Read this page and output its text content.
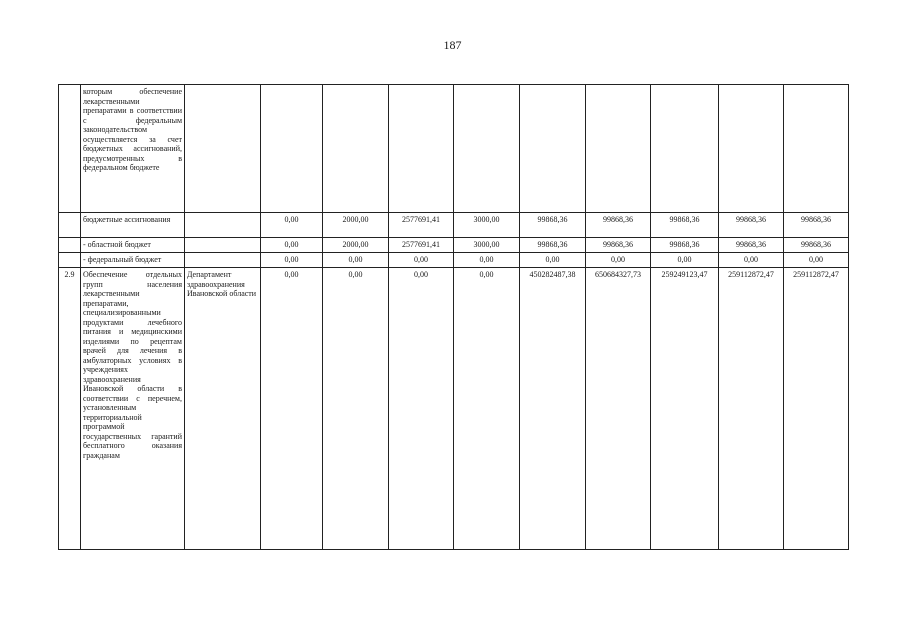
187
	которым обеспечение лекарственными препаратами в соответствии с федеральным законодательством осуществляется за счет бюджетных ассигнований, предусмотренных в федеральном бюджете										
	бюджетные ассигнования		0,00	2000,00	2577691,41	3000,00	99868,36	99868,36	99868,36	99868,36	99868,36
	- областной бюджет		0,00	2000,00	2577691,41	3000,00	99868,36	99868,36	99868,36	99868,36	99868,36
	- федеральный бюджет		0,00	0,00	0,00	0,00	0,00	0,00	0,00	0,00	0,00
2.9	Обеспечение отдельных групп населения лекарственными препаратами, специализированными продуктами лечебного питания и медицинскими изделиями по рецептам врачей для лечения в амбулаторных условиях в учреждениях здравоохранения Ивановской области в соответствии с перечнем, установленным территориальной программой государственных гарантий бесплатного оказания гражданам	Департамент здравоохранения Ивановской области	0,00	0,00	0,00	0,00	450282487,38	650684327,73	259249123,47	259112872,47	259112872,47
